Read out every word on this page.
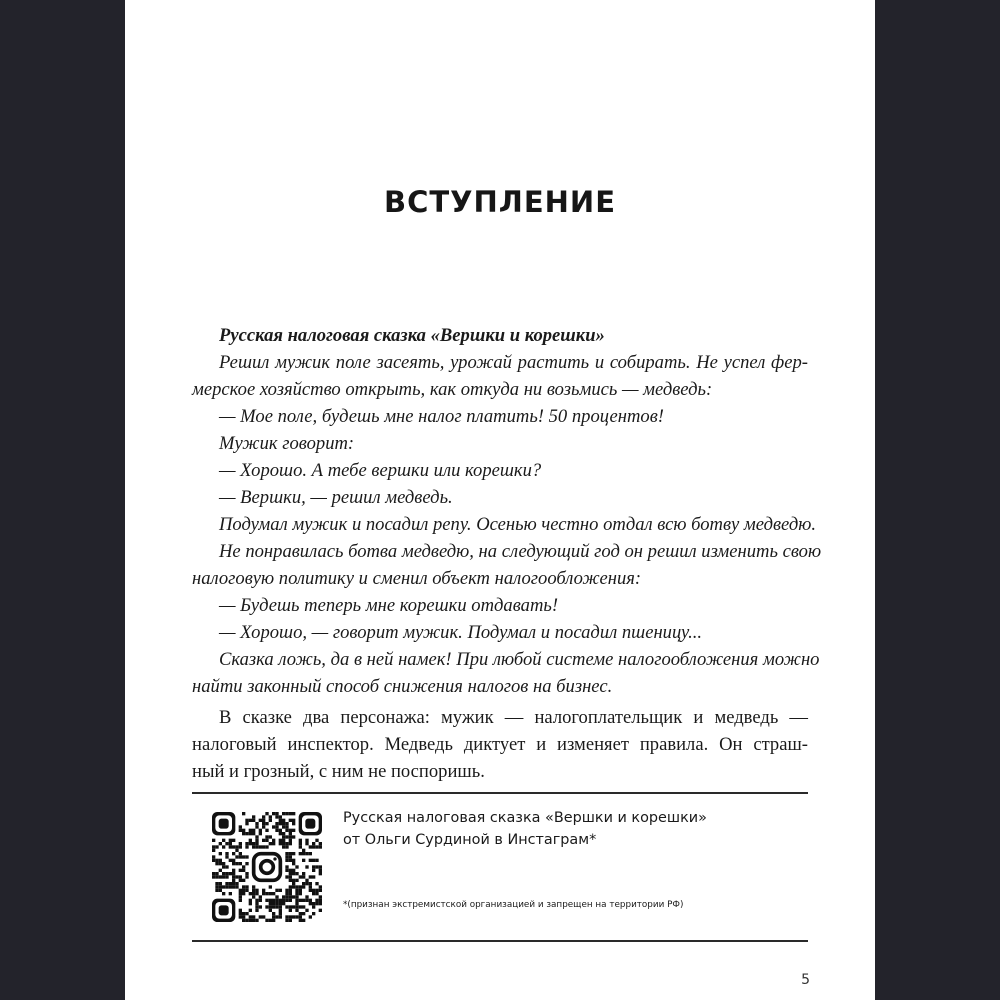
ВСТУПЛЕНИЕ
Русская налоговая сказка «Вершки и корешки»
Решил мужик поле засеять, урожай растить и собирать. Не успел фер-
мерское хозяйство открыть, как откуда ни возьмись — медведь:
— Мое поле, будешь мне налог платить! 50 процентов!
Мужик говорит:
— Хорошо. А тебе вершки или корешки?
— Вершки, — решил медведь.
Подумал мужик и посадил репу. Осенью честно отдал всю ботву медведю.
Не понравилась ботва медведю, на следующий год он решил изменить свою
налоговую политику и сменил объект налогообложения:
— Будешь теперь мне корешки отдавать!
— Хорошо, — говорит мужик. Подумал и посадил пшеницу...
Сказка ложь, да в ней намек! При любой системе налогообложения можно
найти законный способ снижения налогов на бизнес.
В сказке два персонажа: мужик — налогоплательщик и медведь —
налоговый инспектор. Медведь диктует и изменяет правила. Он страш-
ный и грозный, с ним не поспоришь.
Русская налоговая сказка «Вершки и корешки»
от Ольги Сурдиной в Инстаграм*
*(признан экстремистской организацией и запрещен на территории РФ)
5
